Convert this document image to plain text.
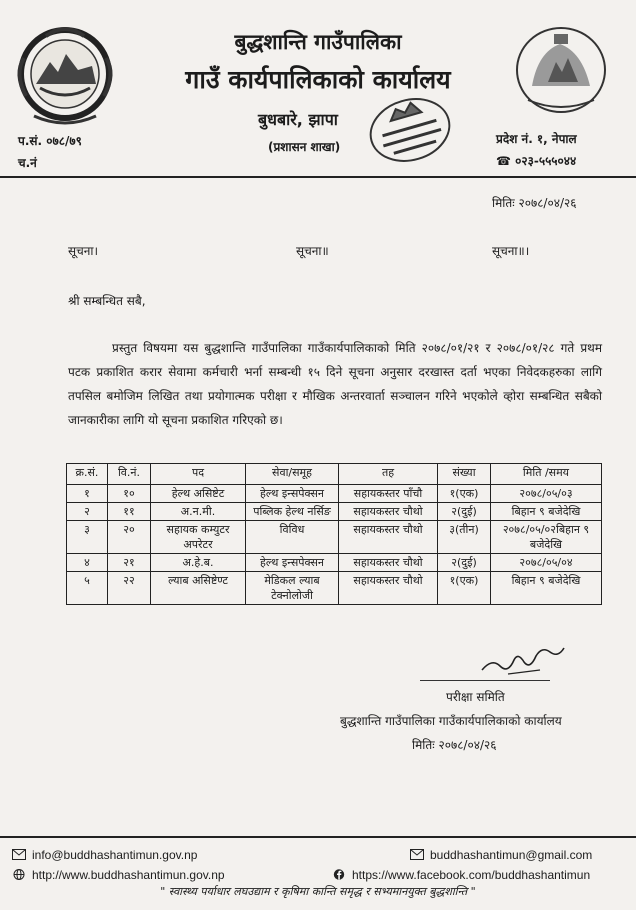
बुद्धशान्ति गाउँपालिका
गाउँ कार्यपालिकाको कार्यालय
प.सं. ०७८/७९
च.नं
बुधबारे, झापा
(प्रशासन शाखा)
प्रदेश नं. १, नेपाल
☎ ०२३-५५५०४४
मितिः २०७८/०४/२६
सूचना।	सूचना॥	सूचना॥।
श्री सम्बन्धित सबै,
प्रस्तुत विषयमा यस बुद्धशान्ति गाउँपालिका गाउँकार्यपालिकाको मिति २०७८/०१/२१ र २०७८/०१/२८ गते प्रथम पटक प्रकाशित करार सेवामा कर्मचारी भर्ना सम्बन्धी १५ दिने सूचना अनुसार दरखास्त दर्ता भएका निवेदकहरुका लागि तपसिल बमोजिम लिखित तथा प्रयोगात्मक परीक्षा र मौखिक अन्तरवार्ता सञ्चालन गरिने भएकोले व्होरा सम्बन्धित सबैको जानकारीका लागि यो सूचना प्रकाशित गरिएको छ।
क्र.सं.	वि.नं.	पद	सेवा/समूह	तह	संख्या	मिति /समय
१	१०	हेल्थ असिष्टेट	हेल्थ इन्सपेक्सन	सहायकस्तर पाँचौ	१(एक)	२०७८/०५/०३
२	११	अ.न.मी.	पब्लिक हेल्थ नर्सिङ	सहायकस्तर चौथो	२(दुई)	बिहान ९ बजेदेखि
३	२०	सहायक कम्युटर अपरेटर	विविध	सहायकस्तर चौथो	३(तीन)	२०७८/०५/०२बिहान ९ बजेदेखि
४	२१	अ.हे.ब.	हेल्थ इन्सपेक्सन	सहायकस्तर चौथो	२(दुई)	२०७८/०५/०४
५	२२	ल्याब असिष्टेण्ट	मेडिकल ल्याब टेक्नोलोजी	सहायकस्तर चौथो	१(एक)	बिहान ९ बजेदेखि
परीक्षा समिति
बुद्धशान्ति गाउँपालिका गाउँकार्यपालिकाको कार्यालय
मितिः २०७८/०४/२६
info@buddhashantimun.gov.np	buddhashantimun@gmail.com
http://www.buddhashantimun.gov.np	https://www.facebook.com/buddhashantimun
" स्वास्थ्य पर्याधार लघउद्याम र कृषिमा कान्ति समृद्ध र सभ्यमानयुक्त बुद्धशान्ति "
